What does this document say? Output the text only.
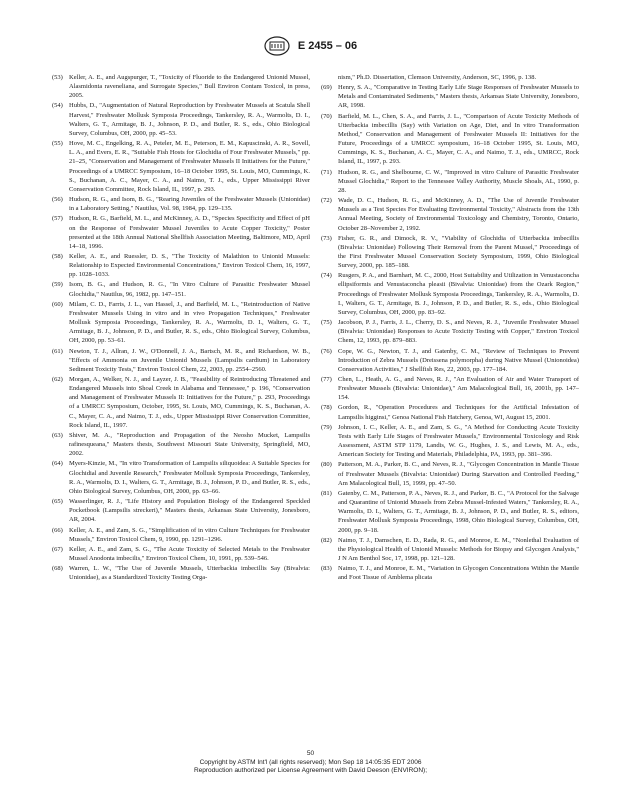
E 2455 – 06
(53) Keller, A. E., and Augspurger, T., "Toxicity of Fluoride to the Endangered Unionid Mussel, Alasmidonta raveneliana, and Surrogate Species," Bull Environ Contam Toxicol, in press, 2005.
(54) Hubbs, D., "Augmentation of Natural Reproduction by Freshwater Mussels at Scatula Shell Harvest," Freshwater Mollusk Symposia Proceedings, Tankersley, R. A., Warmolts, D. I., Walters, G. T., Armitage, B. J., Johnson, P. D., and Butler, R. S., eds., Ohio Biological Survey, Columbus, OH, 2000, pp. 45–53.
(55) Hove, M. C., Engelking, R. A., Peteler, M. E., Peterson, E. M., Kapuscinski, A. R., Sovell, L. A., and Evers, E. R., "Suitable Fish Hosts for Glochidia of Four Freshwater Mussels," pp. 21–25, "Conservation and Management of Freshwater Mussels II Initiatives for the Future," Proceedings of a UMRCC Symposium, 16–18 October 1995, St. Louis, MO, Cummings, K. S., Buchanan, A. C., Mayer, C. A., and Naimo, T. J., eds., Upper Mississippi River Conservation Committee, Rock Island, IL, 1997, p. 293.
(56) Hudson, R. G., and Isom, B. G., "Rearing Juveniles of the Freshwater Mussels (Unionidae) in a Laboratory Setting," Nautilus, Vol. 98, 1984, pp. 129–135.
(57) Hudson, R. G., Barfield, M. L., and McKinney, A. D., "Species Specificity and Effect of pH on the Response of Freshwater Mussel Juveniles to Acute Copper Toxicity," Poster presented at the 18th Annual National Shellfish Association Meeting, Baltimore, MD, April 14–18, 1996.
(58) Keller, A. E., and Ruessler, D. S., "The Toxicity of Malathion to Unionid Mussels: Relationship to Expected Environmental Concentrations," Environ Toxicol Chem, 16, 1997, pp. 1028–1033.
(59) Isom, B. G., and Hudson, R. G., "In Vitro Culture of Parasitic Freshwater Mussel Glochidia," Nautilus, 96, 1982, pp. 147–151.
(60) Milam, C. D., Farris, J. L., van Hassel, J., and Barfield, M. L., "Reintroduction of Native Freshwater Mussels Using in vitro and in vivo Propagation Techniques," Freshwater Mollusk Symposia Proceedings, Tankersley, R. A., Warmolts, D. I., Walters, G. T., Armitage, B. J., Johnson, P. D., and Butler, R. S., eds., Ohio Biological Survey, Columbus, OH, 2000, pp. 53–61.
(61) Newton, T. J., Allran, J. W., O'Donnell, J. A., Bartsch, M. R., and Richardson, W. B., "Effects of Ammonia on Juvenile Unionid Mussels (Lampsilis cardium) in Laboratory Sediment Toxicity Tests," Environ Toxicol Chem, 22, 2003, pp. 2554–2560.
(62) Morgan, A., Welker, N. J., and Layzer, J. B., "Feasibility of Reintroducing Threatened and Endangered Mussels into Shoal Creek in Alabama and Tennessee," p. 196, "Conservation and Management of Freshwater Mussels II: Initiatives for the Future," p. 293, Proceedings of a UMRCC Symposium, October, 1995, St. Louis, MO, Cummings, K. S., Buchanan, A. C., Mayer, C. A., and Naimo, T. J., eds., Upper Mississippi River Conservation Committee, Rock Island, IL, 1997.
(63) Shiver, M. A., "Reproduction and Propagation of the Neosho Mucket, Lampsilis rafinesqueana," Masters thesis, Southwest Missouri State University, Springfield, MO, 2002.
(64) Myers-Kinzie, M., "In vitro Transformation of Lampsilis siliquoidea: A Suitable Species for Glochidial and Juvenile Research," Freshwater Mollusk Symposia Proceedings, Tankersley, R. A., Warmolts, D. I., Walters, G. T., Armitage, B. J., Johnson, P. D., and Butler, R. S., eds., Ohio Biological Survey, Columbus, OH, 2000, pp. 63–66.
(65) Wasserlinger, R. J., "Life History and Population Biology of the Endangered Speckled Pocketbook (Lampsilis streckeri)," Masters thesis, Arkansas State University, Jonesboro, AR, 2004.
(66) Keller, A. E., and Zam, S. G., "Simplification of in vitro Culture Techniques for Freshwater Mussels," Environ Toxicol Chem, 9, 1990, pp. 1291–1296.
(67) Keller, A. E., and Zam, S. G., "The Acute Toxicity of Selected Metals to the Freshwater Mussel Anodonta imbecilis," Environ Toxicol Chem, 10, 1991, pp. 539–546.
(68) Warren, L. W., "The Use of Juvenile Mussels, Utterbackia imbecillis Say (Bivalvia: Unionidae), as a Standardized Toxicity Testing Orga-
nism," Ph.D. Dissertation, Clemson University, Anderson, SC, 1996, p. 138.
(69) Henry, S. A., "Comparative in Testing Early Life Stage Responses of Freshwater Mussels to Metals and Contaminated Sediments," Masters thesis, Arkansas State University, Jonesboro, AR, 1998.
(70) Barfield, M. L., Chen, S. A., and Farris, J. L., "Comparison of Acute Toxicity Methods of Utterbackia imbecillis (Say) with Variation on Age, Diet, and In vitro Transformation Method," Conservation and Management of Freshwater Mussels II: Initiatives for the Future, Proceedings of a UMRCC symposium, 16–18 October 1995, St. Louis, MO, Cummings, K. S., Buchanan, A. C., Mayer, C. A., and Naimo, T. J., eds., UMRCC, Rock Island, IL, 1997, p. 293.
(71) Hudson, R. G., and Shelbourne, C. W., "Improved in vitro Culture of Parasitic Freshwater Mussel Glochidia," Report to the Tennessee Valley Authority, Muscle Shoals, AL, 1990, p. 28.
(72) Wade, D. C., Hudson, R. G., and McKinney, A. D., "The Use of Juvenile Freshwater Mussels as a Test Species For Evaluating Environmental Toxicity," Abstracts from the 13th Annual Meeting, Society of Environmental Toxicology and Chemistry, Toronto, Ontario, October 28–November 2, 1992.
(73) Fisher, G. R., and Dimock, R. V., "Viability of Glochidia of Utterbackia imbecillis (Bivalvia: Unionidae) Following Their Removal from the Parent Mussel," Proceedings of the First Freshwater Mussel Conservation Society Symposium, 1999, Ohio Biological Survey, 2000, pp. 185–188.
(74) Rusgers, P. A., and Barnhart, M. C., 2000, Host Suitability and Utilization in Venustaconcha ellipsiformis and Venustaconcha pleasii (Bivalvia: Unionidae) from the Ozark Region," Proceedings of Freshwater Mollusk Symposia Proceedings, Tankersley, R. A., Warmolts, D. I., Walters, G. T., Armitage, B. J., Johnson, P. D., and Butler, R. S., eds., Ohio Biological Survey, Columbus, OH, 2000, pp. 83–92.
(75) Jacobson, P. J., Farris, J. L., Cherry, D. S., and Neves, R. J., "Juvenile Freshwater Mussel (Bivalvia: Unionidae) Responses to Acute Toxicity Testing with Copper," Environ Toxicol Chem, 12, 1993, pp. 879–883.
(76) Cope, W. G., Newton, T. J., and Gatenby, C. M., "Review of Techniques to Prevent Introduction of Zebra Mussels (Dreissena polymorpha) during Native Mussel (Unionoidea) Conservation Activities," J Shellfish Res, 22, 2003, pp. 177–184.
(77) Chen, L., Heath, A. G., and Neves, R. J., "An Evaluation of Air and Water Transport of Freshwater Mussels (Bivalvia: Unionidae)," Am Malacological Bull, 16, 2001b, pp. 147–154.
(78) Gordon, R., "Operation Procedures and Techniques for the Artificial Infestation of Lampsilis higginsi," Genoa National Fish Hatchery, Genoa, WI, August 15, 2001.
(79) Johnson, I. C., Keller, A. E., and Zam, S. G., "A Method for Conducting Acute Toxicity Tests with Early Life Stages of Freshwater Mussels," Environmental Toxicology and Risk Assessment, ASTM STP 1179, Landis, W. G., Hughes, J. S., and Lewis, M. A., eds., American Society for Testing and Materials, Philadelphia, PA, 1993, pp. 381–396.
(80) Patterson, M. A., Parker, B. C., and Neves, R. J., "Glycogen Concentration in Mantle Tissue of Freshwater Mussels (Bivalvia: Unionidae) During Starvation and Controlled Feeding," Am Malacological Bull, 15, 1999, pp. 47–50.
(81) Gatenby, C. M., Patterson, P. A., Neves, R. J., and Parker, B. C., "A Protocol for the Salvage and Quarantine of Unionid Mussels from Zebra Mussel-Infested Waters," Tankersley, R. A., Warmolts, D. I., Walters, G. T., Armitage, B. J., Johnson, P. D., and Butler, R. S., editors, Freshwater Mollusk Symposia Proceedings, 1998, Ohio Biological Survey, Columbus, OH, 2000, pp. 9–18.
(82) Naimo, T. J., Damschen, E. D., Rada, R. G., and Monroe, E. M., "Nonlethal Evaluation of the Physiological Health of Unionid Mussels: Methods for Biopsy and Glycogen Analysis," J N Am Benthol Soc, 17, 1998, pp. 121–128.
(83) Naimo, T. J., and Monroe, E. M., "Variation in Glycogen Concentrations Within the Mantle and Foot Tissue of Amblema plicata
50
Copyright by ASTM Int'l (all rights reserved); Mon Sep 18 14:05:35 EDT 2006
Reproduction authorized per License Agreement with David Deeson (ENVIRON);
